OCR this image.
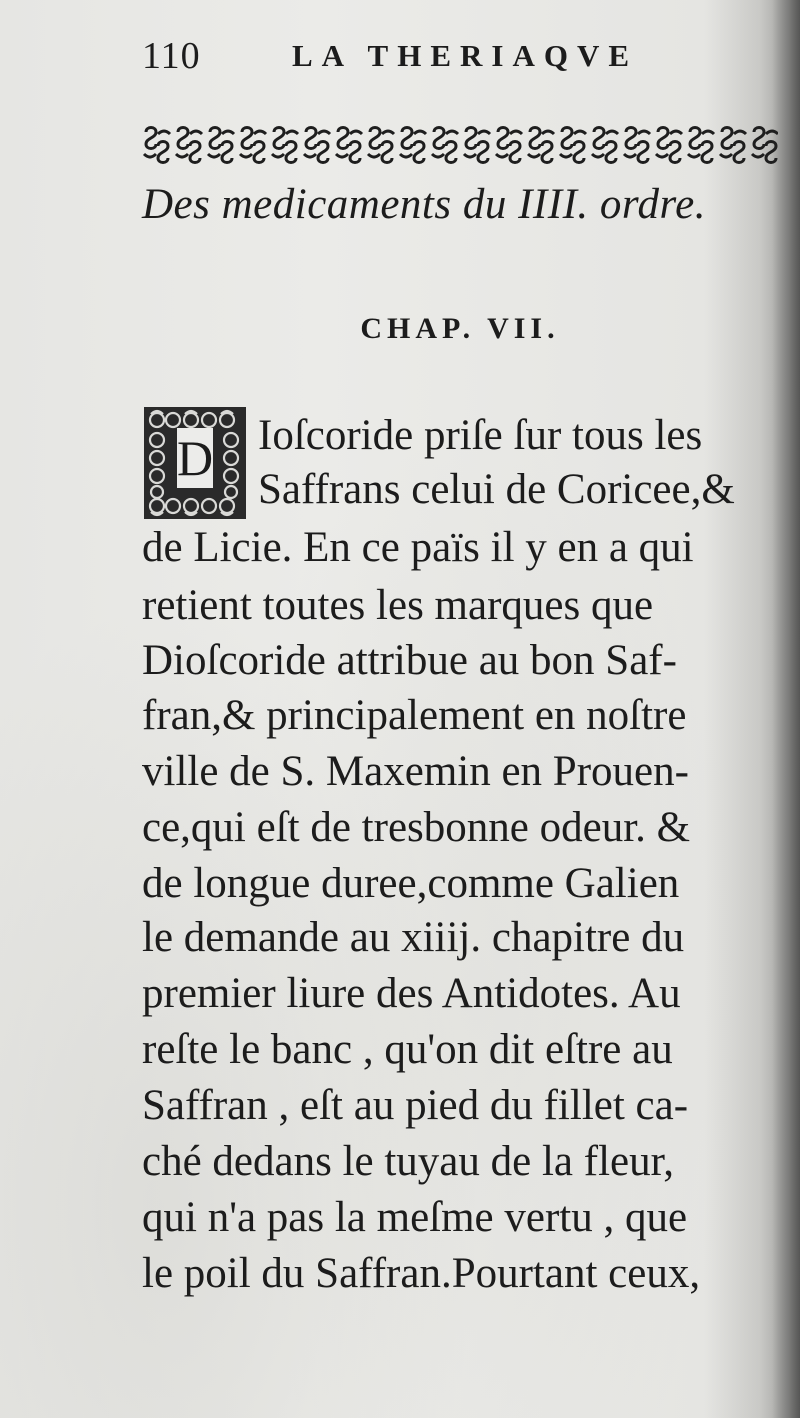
110	LA THERIAQVE
Des medicaments du IIII. ordre.
CHAP. VII.
D Ioſcoride priſe ſur tous les
Saffrans celui de Coricee,&
de Licie. En ce païs il y en a qui
retient toutes les marques que
Dioſcoride attribue au bon Saf-
fran,& principalement en noſtre
ville de S. Maxemin en Prouen-
ce,qui eſt de tresbonne odeur. &
de longue duree,comme Galien
le demande au xiiij. chapitre du
premier liure des Antidotes. Au
reſte le banc , qu'on dit eſtre au
Saffran , eſt au pied du fillet ca-
ché dedans le tuyau de la fleur,
qui n'a pas la meſme vertu , que
le poil du Saffran.Pourtant ceux,
